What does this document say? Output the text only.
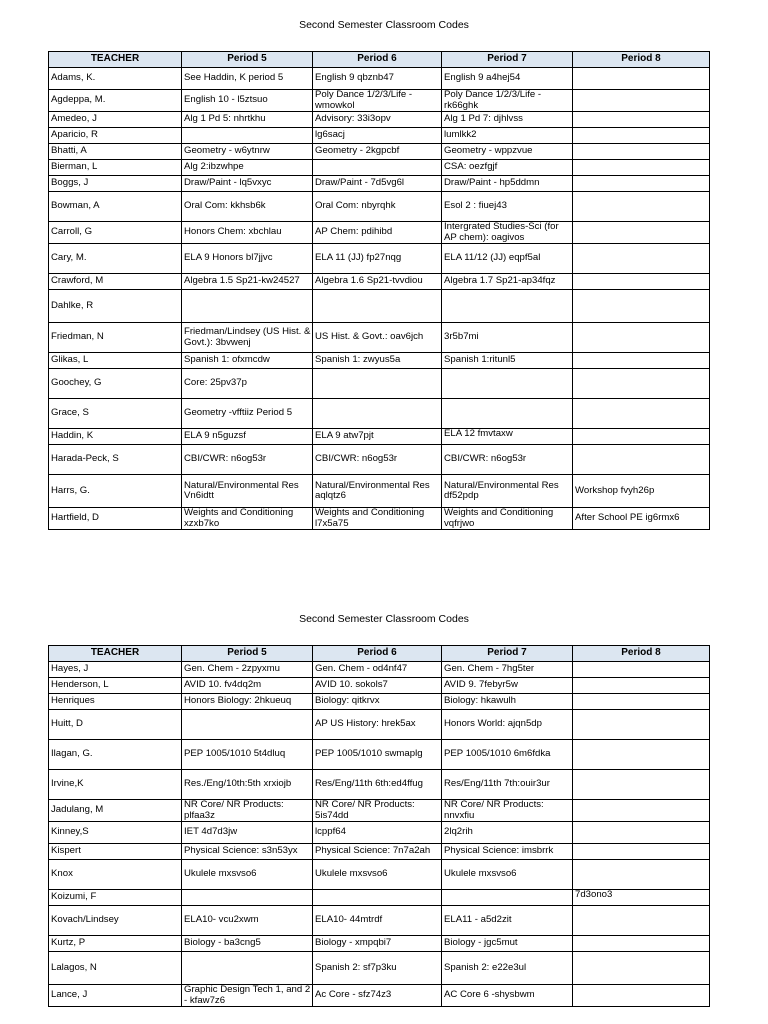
Second Semester Classroom Codes
TEACHER	Period 5	Period 6	Period 7	Period 8
Adams, K.	See Haddin, K period 5	English 9 qbznb47	English 9 a4hej54	
Agdeppa, M.	English 10 - l5ztsuo	Poly Dance 1/2/3/Life - wmowkol	Poly Dance 1/2/3/Life - rk66ghk	
Amedeo, J	Alg 1 Pd 5: nhrtkhu	Advisory: 33i3opv	Alg 1 Pd 7: djhlvss	
Aparicio, R		lg6sacj	lumlkk2	
Bhatti, A	Geometry - w6ytnrw	Geometry - 2kgpcbf	Geometry - wppzvue	
Bierman, L	Alg 2:ibzwhpe		CSA: oezfgjf	
Boggs, J	Draw/Paint - lq5vxyc	Draw/Paint - 7d5vg6l	Draw/Paint - hp5ddmn	
Bowman, A	Oral Com: kkhsb6k	Oral Com: nbyrqhk	Esol 2 : fiuej43	
Carroll, G	Honors Chem: xbchlau	AP Chem: pdihibd	Intergrated Studies-Sci (for AP chem): oagivos	
Cary, M.	ELA 9 Honors bl7jjvc	ELA 11 (JJ) fp27nqg	ELA 11/12 (JJ) eqpf5al	
Crawford, M	Algebra 1.5 Sp21-kw24527	Algebra 1.6 Sp21-tvvdiou	Algebra 1.7 Sp21-ap34fqz	
Dahlke, R				
Friedman, N	Friedman/Lindsey (US Hist. & Govt.): 3bvwenj	US Hist. & Govt.: oav6jch	3r5b7mi	
Glikas, L	Spanish 1: ofxmcdw	Spanish 1: zwyus5a	Spanish 1:ritunl5	
Goochey, G	Core: 25pv37p			
Grace, S	Geometry -vfftiiz Period 5			
Haddin, K	ELA 9 n5guzsf	ELA 9 atw7pjt	ELA 12 fmvtaxw	
Harada-Peck, S	CBI/CWR: n6og53r	CBI/CWR: n6og53r	CBI/CWR: n6og53r	
Harrs, G.	Natural/Environmental Res Vn6idtt	Natural/Environmental Res aqlqtz6	Natural/Environmental Res df52pdp	Workshop fvyh26p
Hartfield, D	Weights and Conditioning xzxb7ko	Weights and Conditioning l7x5a75	Weights and Conditioning vqfrjwo	After School PE ig6rmx6
Second Semester Classroom Codes
TEACHER	Period 5	Period 6	Period 7	Period 8
Hayes, J	Gen. Chem - 2zpyxmu	Gen. Chem - od4nf47	Gen. Chem - 7hg5ter	
Henderson, L	AVID 10. fv4dq2m	AVID 10. sokols7	AVID 9. 7febyr5w	
Henriques	Honors Biology: 2hkueuq	Biology: qitkrvx	Biology: hkawulh	
Huitt, D		AP US History: hrek5ax	Honors World: ajqn5dp	
Ilagan, G.	PEP 1005/1010 5t4dluq	PEP 1005/1010 swmaplg	PEP 1005/1010 6m6fdka	
Irvine,K	Res./Eng/10th:5th xrxiojb	Res/Eng/11th 6th:ed4ffug	Res/Eng/11th 7th:ouir3ur	
Jadulang, M	NR Core/ NR Products: plfaa3z	NR Core/ NR Products: 5is74dd	NR Core/ NR Products: nnvxfiu	
Kinney,S	IET 4d7d3jw	lcppf64	2lq2rih	
Kispert	Physical Science: s3n53yx	Physical Science: 7n7a2ah	Physical Science: imsbrrk	
Knox	Ukulele mxsvso6	Ukulele mxsvso6	Ukulele mxsvso6	
Koizumi, F				7d3ono3
Kovach/Lindsey	ELA10- vcu2xwm	ELA10- 44mtrdf	ELA11 - a5d2zit	
Kurtz, P	Biology - ba3cng5	Biology - xmpqbi7	Biology - jgc5mut	
Lalagos, N		Spanish 2: sf7p3ku	Spanish 2: e22e3ul	
Lance, J	Graphic Design Tech 1, and 2 - kfaw7z6	Ac Core - sfz74z3	AC Core 6 -shysbwm	
